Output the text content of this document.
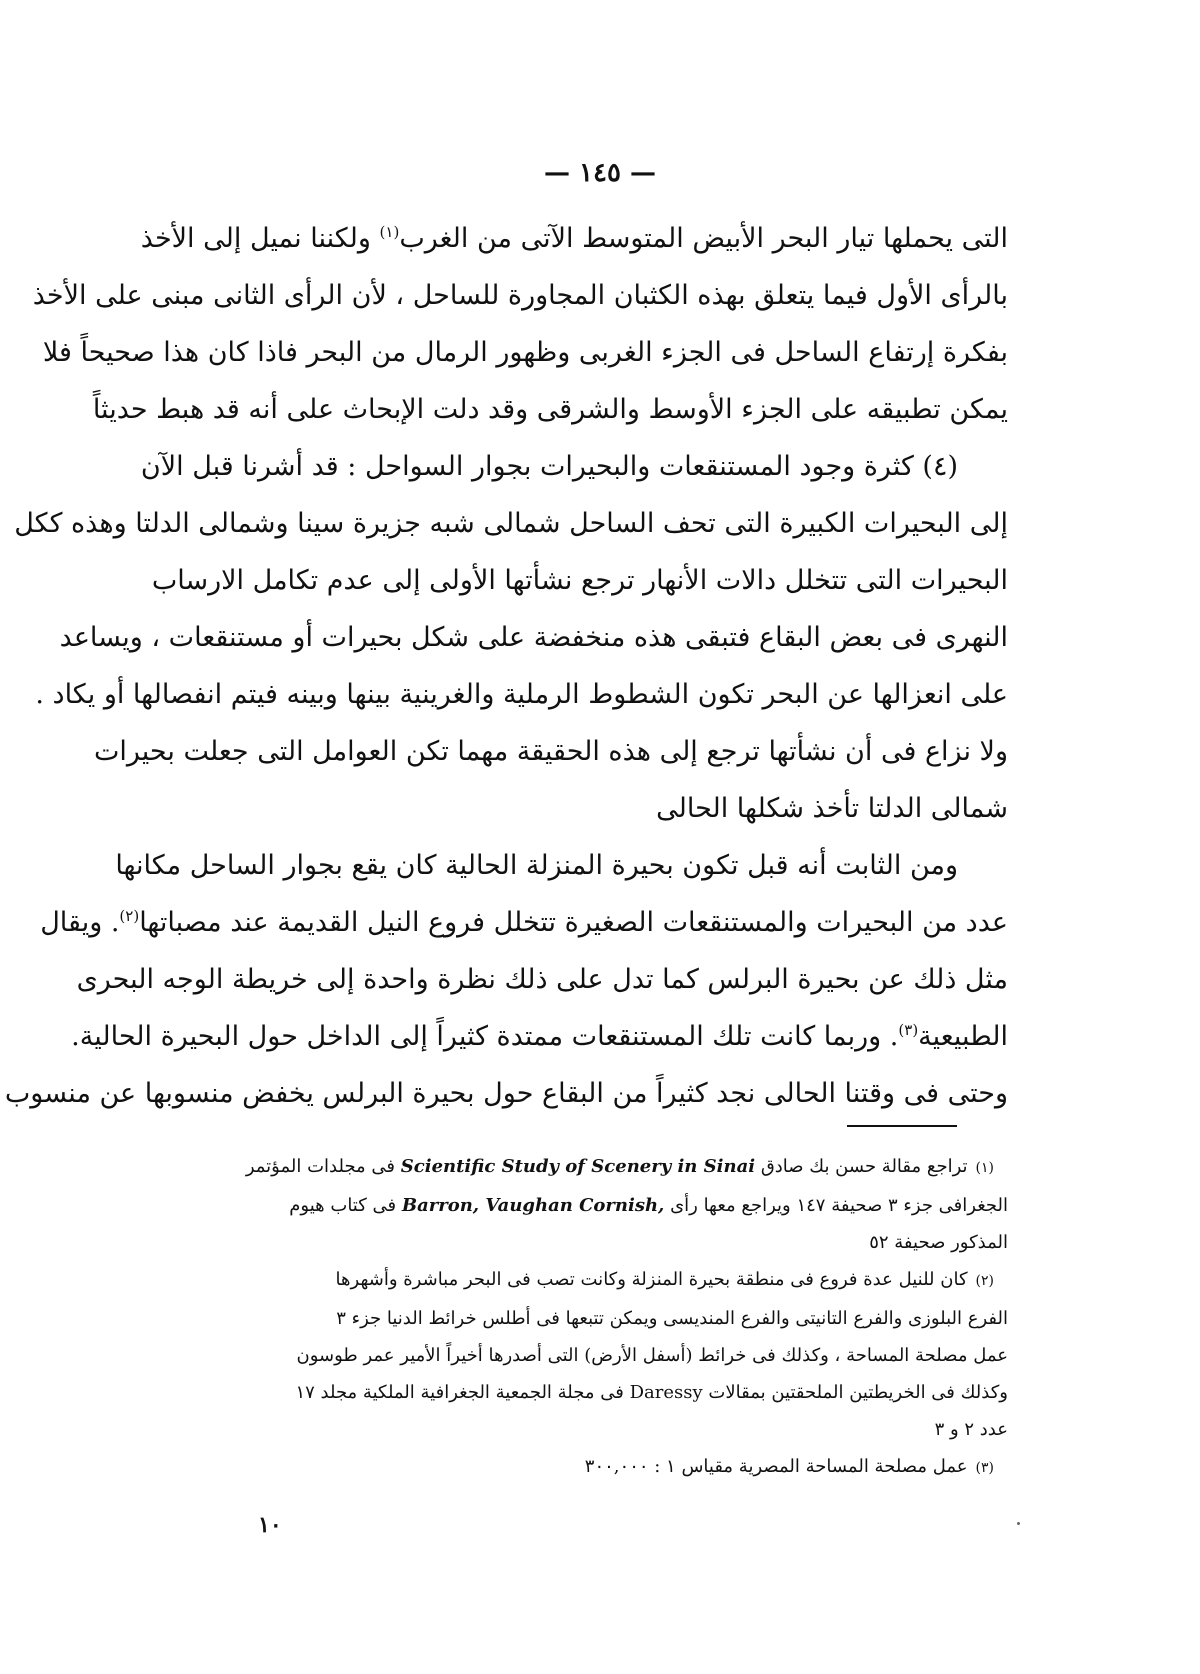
— ١٤٥ —
التى يحملها تيار البحر الأبيض المتوسط الآتى من الغرب$^{(١)}$ ولكننا نميل إلى الأخذ
بالرأى الأول فيما يتعلق بهذه الكثبان المجاورة للساحل ، لأن الرأى الثانى مبنى على الأخذ
بفكرة إرتفاع الساحل فى الجزء الغربى وظهور الرمال من البحر فاذا كان هذا صحيحاً فلا
يمكن تطبيقه على الجزء الأوسط والشرقى وقد دلت الإبحاث على أنه قد هبط حديثاً
(٤) كثرة وجود المستنقعات والبحيرات بجوار السواحل : قد أشرنا قبل الآن
إلى البحيرات الكبيرة التى تحف الساحل شمالى شبه جزيرة سينا وشمالى الدلتا وهذه ككل
البحيرات التى تتخلل دالات الأنهار ترجع نشأتها الأولى إلى عدم تكامل الارساب
النهرى فى بعض البقاع فتبقى هذه منخفضة على شكل بحيرات أو مستنقعات ، ويساعد
على انعزالها عن البحر تكون الشطوط الرملية والغرينية بينها وبينه فيتم انفصالها أو يكاد .
ولا نزاع فى أن نشأتها ترجع إلى هذه الحقيقة مهما تكن العوامل التى جعلت بحيرات
شمالى الدلتا تأخذ شكلها الحالى
ومن الثابت أنه قبل تكون بحيرة المنزلة الحالية كان يقع بجوار الساحل مكانها
عدد من البحيرات والمستنقعات الصغيرة تتخلل فروع النيل القديمة عند مصباتها$^{(٢)}$. ويقال
مثل ذلك عن بحيرة البرلس كما تدل على ذلك نظرة واحدة إلى خريطة الوجه البحرى
الطبيعية$^{(٣)}$. وربما كانت تلك المستنقعات ممتدة كثيراً إلى الداخل حول البحيرة الحالية.
وحتى فى وقتنا الحالى نجد كثيراً من البقاع حول بحيرة البرلس يخفض منسوبها عن منسوب
(١)تراجع مقالة حسن بك صادق Scientific Study of Scenery in Sinai فى مجلدات المؤتمر
الجغرافى جزء ٣ صحيفة ١٤٧ ويراجع معها رأى Barron, Vaughan Cornish, فى كتاب هيوم
المذكور صحيفة ٥٢
(٢)كان للنيل عدة فروع فى منطقة بحيرة المنزلة وكانت تصب فى البحر مباشرة وأشهرها
الفرع البلوزى والفرع التانيتى والفرع المنديسى ويمكن تتبعها فى أطلس خرائط الدنيا جزء ٣
عمل مصلحة المساحة ، وكذلك فى خرائط (أسفل الأرض) التى أصدرها أخيراً الأمير عمر طوسون
وكذلك فى الخريطتين الملحقتين بمقالات Daressy فى مجلة الجمعية الجغرافية الملكية مجلد ١٧
عدد ٢ و ٣
(٣)عمل مصلحة المساحة المصرية مقياس ١ : ٣٠٠,٠٠٠
١٠
